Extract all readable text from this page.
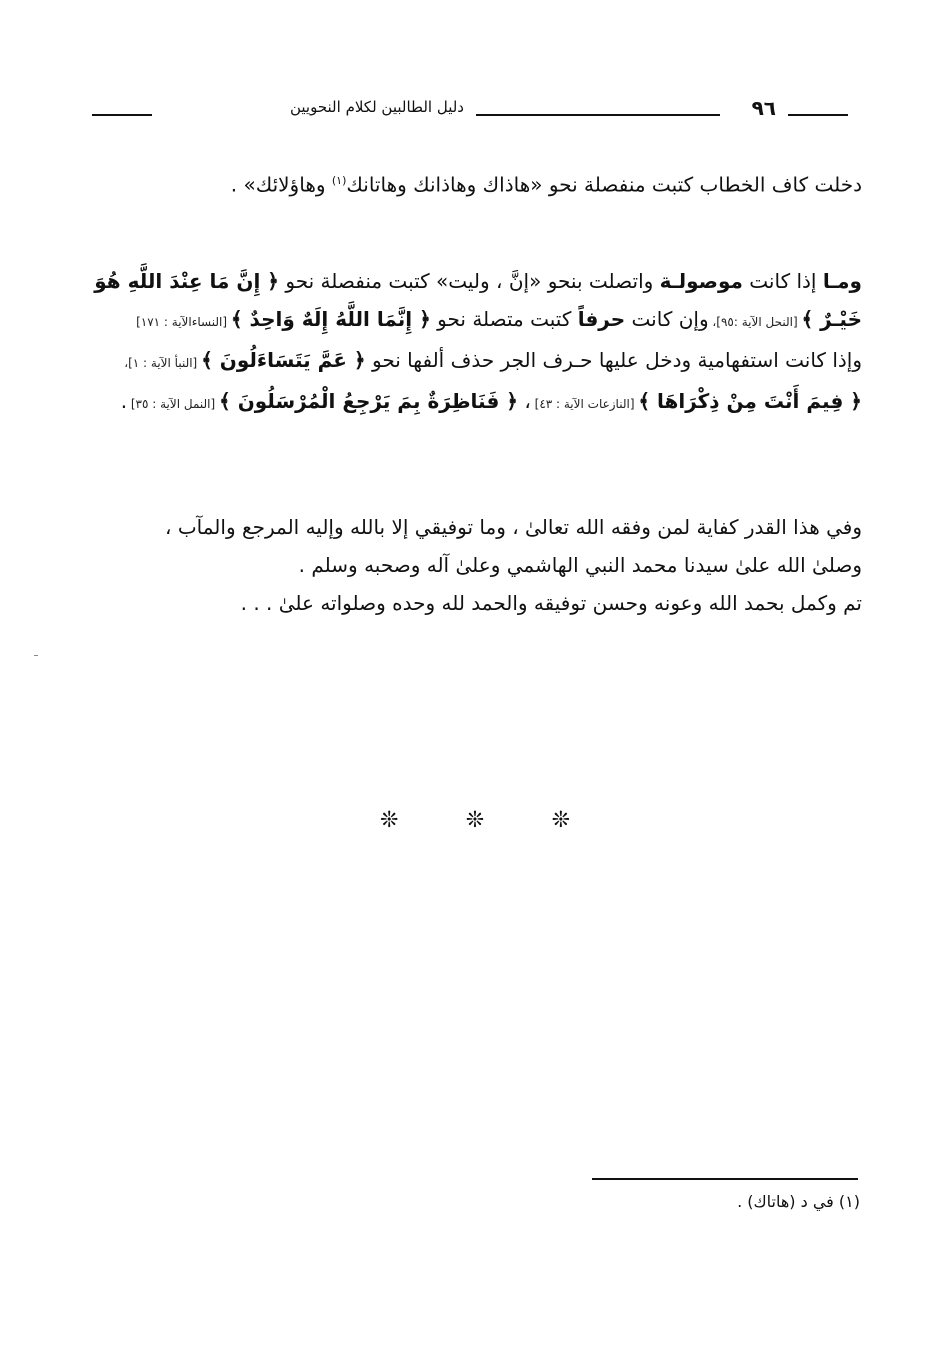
٩٦
دليل الطالبين لكلام النحويين
دخلت كاف الخطاب كتبت منفصلة نحو «هاذاك وهاذانك وهاتانك$^{(١)}$ وهاؤلائك» .
ومـا إذا كانت موصولـة واتصلت بنحو «إنَّ ، وليت» كتبت منفصلة نحو ﴿ إِنَّ مَا عِنْدَ اللَّهِ هُوَ
خَيْـرٌ ﴾ [النحل الآية :٩٥]، وإن كانت حرفاً كتبت متصلة نحو ﴿ إِنَّمَا اللَّهُ إِلَهٌ وَاحِدٌ ﴾ [النساءالآية : ١٧١]
وإذا كانت استفهامية ودخل عليها حـرف الجر حذف ألفها نحو ﴿ عَمَّ يَتَسَاءَلُونَ ﴾ [النبأ الآية : ١]،
﴿ فِيمَ أَنْتَ مِنْ ذِكْرَاهَا ﴾ [النازعات الآية : ٤٣] ، ﴿ فَنَاظِرَةٌ بِمَ يَرْجِعُ الْمُرْسَلُونَ ﴾ [النمل الآية : ٣٥] .
وفي هذا القدر كفاية لمن وفقه الله تعالىٰ ، وما توفيقي إلا بالله وإليه المرجع والمآب ،
وصلىٰ الله علىٰ سيدنا محمد النبي الهاشمي وعلىٰ آله وصحبه وسلم .
تم وكمل بحمد الله وعونه وحسن توفيقه والحمد لله وحده وصلواته علىٰ . . .
❊	❊	❊
(١) في د (هاتاك) .
